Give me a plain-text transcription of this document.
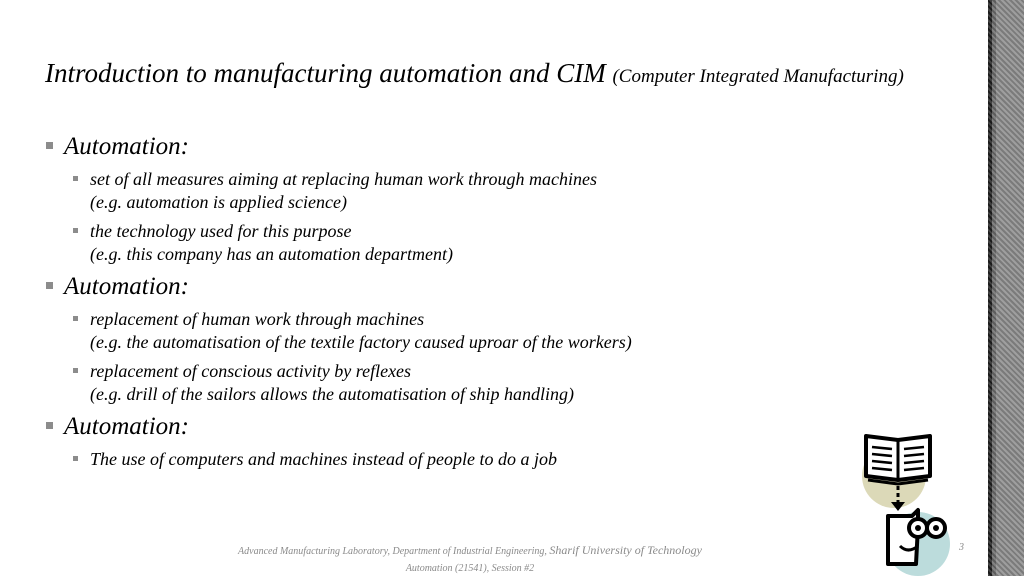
Introduction to manufacturing automation and CIM (Computer Integrated Manufacturing)
Automation:
set of all measures aiming at replacing human work through machines
(e.g. automation is applied science)
the technology used for this purpose
(e.g. this company has an automation department)
Automation:
replacement of human work through machines
(e.g. the automatisation of the textile factory caused uproar of the workers)
replacement of conscious activity by reflexes
(e.g. drill of the sailors allows the automatisation of ship handling)
Automation:
The use of computers and machines instead of people to do a job
Advanced Manufacturing Laboratory, Department of Industrial Engineering, Sharif University of Technology
Automation (21541), Session #2
3
